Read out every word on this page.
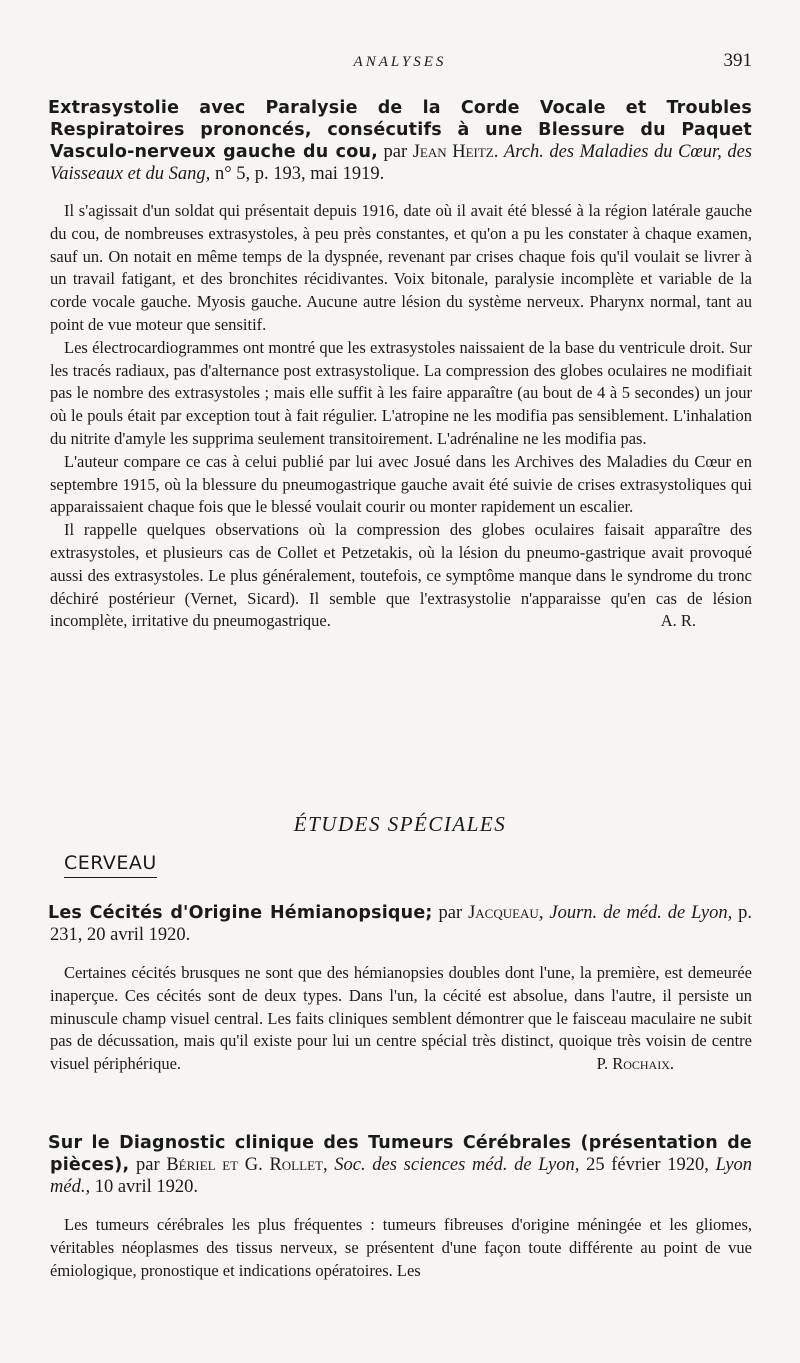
ANALYSES	391
Extrasystolie avec Paralysie de la Corde Vocale et Troubles Respiratoires prononcés, consécutifs à une Blessure du Paquet Vasculo-nerveux gauche du cou, par Jean Heitz. Arch. des Maladies du Cœur, des Vaisseaux et du Sang, n° 5, p. 193, mai 1919.

Il s'agissait d'un soldat qui présentait depuis 1916, date où il avait été blessé à la région latérale gauche du cou, de nombreuses extrasystoles, à peu près constantes, et qu'on a pu les constater à chaque examen, sauf un. On notait en même temps de la dyspnée, revenant par crises chaque fois qu'il voulait se livrer à un travail fatigant, et des bronchites récidivantes. Voix bitonale, paralysie incomplète et variable de la corde vocale gauche. Myosis gauche. Aucune autre lésion du système nerveux. Pharynx normal, tant au point de vue moteur que sensitif.

Les électrocardiogrammes ont montré que les extrasystoles naissaient de la base du ventricule droit. Sur les tracés radiaux, pas d'alternance post extrasystolique. La compression des globes oculaires ne modifiait pas le nombre des extrasystoles ; mais elle suffit à les faire apparaître (au bout de 4 à 5 secondes) un jour où le pouls était par exception tout à fait régulier. L'atropine ne les modifia pas sensiblement. L'inhalation du nitrite d'amyle les supprima seulement transitoirement. L'adrénaline ne les modifia pas.

L'auteur compare ce cas à celui publié par lui avec Josué dans les Archives des Maladies du Cœur en septembre 1915, où la blessure du pneumogastrique gauche avait été suivie de crises extrasystoliques qui apparaissaient chaque fois que le blessé voulait courir ou monter rapidement un escalier.

Il rappelle quelques observations où la compression des globes oculaires faisait apparaître des extrasystoles, et plusieurs cas de Collet et Petzetakis, où la lésion du pneumo-gastrique avait provoqué aussi des extrasystoles. Le plus généralement, toutefois, ce symptôme manque dans le syndrome du tronc déchiré postérieur (Vernet, Sicard). Il semble que l'extrasystolie n'apparaisse qu'en cas de lésion incomplète, irritative du pneumogastrique.	A. R.

ÉTUDES SPÉCIALES
CERVEAU
Les Cécités d'Origine Hémianopsique; par Jacqueau, Journ. de méd. de Lyon, p. 231, 20 avril 1920.

Certaines cécités brusques ne sont que des hémianopsies doubles dont l'une, la première, est demeurée inaperçue. Ces cécités sont de deux types. Dans l'un, la cécité est absolue, dans l'autre, il persiste un minuscule champ visuel central. Les faits cliniques semblent démontrer que le faisceau maculaire ne subit pas de décussation, mais qu'il existe pour lui un centre spécial très distinct, quoique très voisin de centre visuel périphérique.	P. Rochaix.

Sur le Diagnostic clinique des Tumeurs Cérébrales (présentation de pièces), par Bériel et G. Rollet, Soc. des sciences méd. de Lyon, 25 février 1920, Lyon méd., 10 avril 1920.

Les tumeurs cérébrales les plus fréquentes : tumeurs fibreuses d'origine méningée et les gliomes, véritables néoplasmes des tissus nerveux, se présentent d'une façon toute différente au point de vue émiologique, pronostique et indications opératoires. Les
